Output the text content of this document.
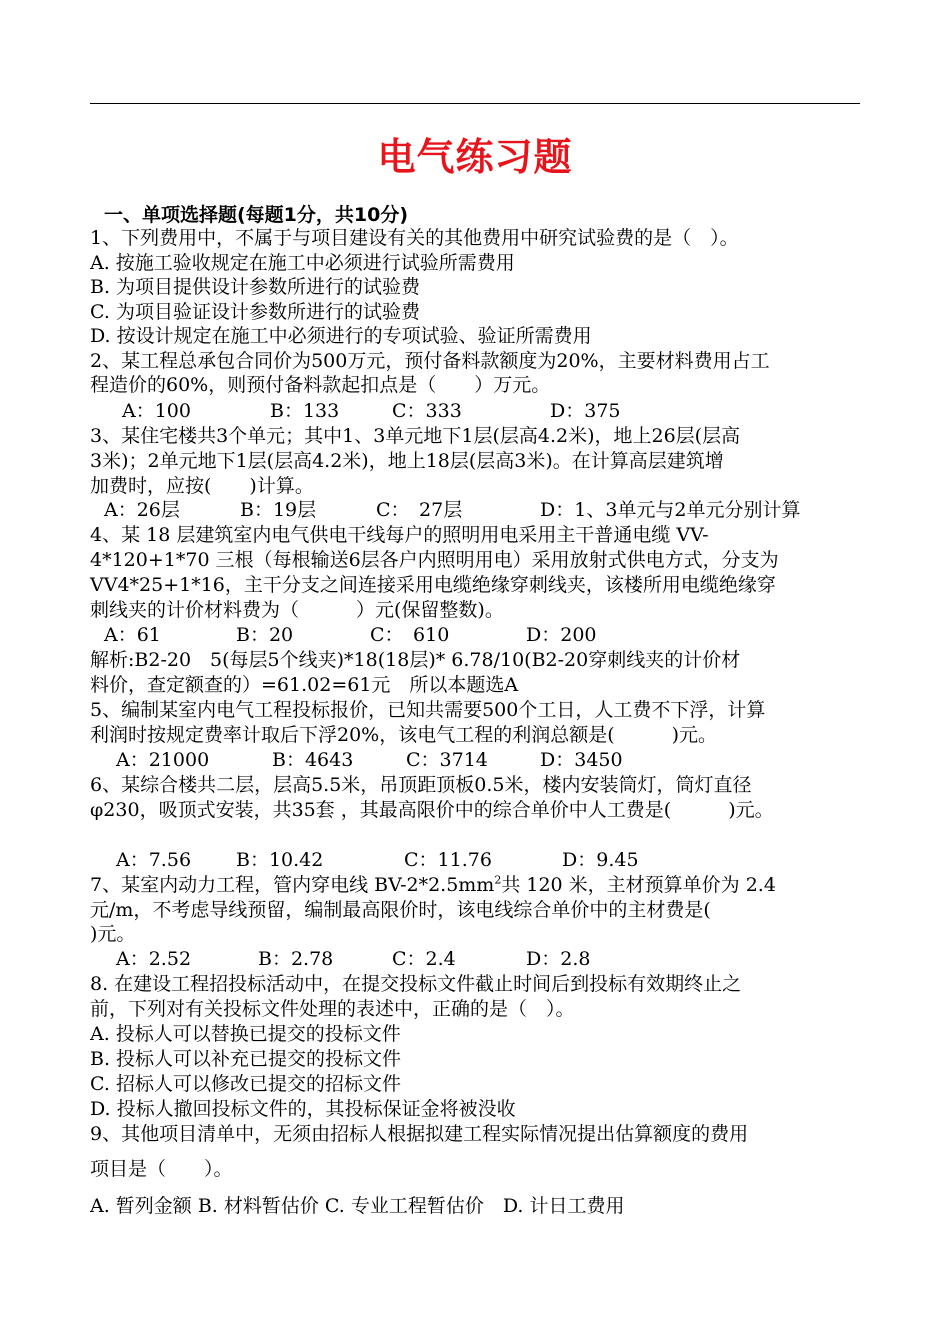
电气练习题
一、单项选择题(每题1分，共10分)
1、下列费用中，不属于与项目建设有关的其他费用中研究试验费的是（　）。
A. 按施工验收规定在施工中必须进行试验所需费用
B. 为项目提供设计参数所进行的试验费
C. 为项目验证设计参数所进行的试验费
D. 按设计规定在施工中必须进行的专项试验、验证所需费用
2、某工程总承包合同价为500万元，预付备料款额度为20%，主要材料费用占工
程造价的60%，则预付备料款起扣点是（　　）万元。
A：100	B：133	C：333	D：375
3、某住宅楼共3个单元；其中1、3单元地下1层(层高4.2米)，地上26层(层高
3米)；2单元地下1层(层高4.2米)，地上18层(层高3米)。在计算高层建筑增
加费时，应按(　　)计算。
A：26层	B：19层	C：　27层	D：1、3单元与2单元分别计算
4、某 18 层建筑室内电气供电干线每户的照明用电采用主干普通电缆 VV-
4*120+1*70 三根（每根输送6层各户内照明用电）采用放射式供电方式，分支为
VV4*25+1*16，主干分支之间连接采用电缆绝缘穿刺线夹，该楼所用电缆绝缘穿
刺线夹的计价材料费为（　　　）元(保留整数)。
A：61	B：20	C：　610	D：200
解析:B2-20　5(每层5个线夹)*18(18层)* 6.78/10(B2-20穿刺线夹的计价材
料价，查定额查的）=61.02=61元　所以本题选A
5、编制某室内电气工程投标报价，已知共需要500个工日，人工费不下浮，计算
利润时按规定费率计取后下浮20%，该电气工程的利润总额是(　　　)元。
A：21000	B：4643	C：3714	D：3450
6、某综合楼共二层，层高5.5米，吊顶距顶板0.5米，楼内安装筒灯，筒灯直径
φ230，吸顶式安装，共35套 ，其最高限价中的综合单价中人工费是(　　　)元。
A：7.56 B：10.42	C：11.76	D：9.45
7、某室内动力工程，管内穿电线 $BV-2*2.5mm^2$共 120 米，主材预算单价为 2.4
元/m，不考虑导线预留，编制最高限价时，该电线综合单价中的主材费是(
)元。
A：2.52	B：2.78	C：2.4	D：2.8
8. 在建设工程招投标活动中，在提交投标文件截止时间后到投标有效期终止之
前，下列对有关投标文件处理的表述中，正确的是（　）。
A. 投标人可以替换已提交的投标文件
B. 投标人可以补充已提交的投标文件
C. 招标人可以修改已提交的招标文件
D. 投标人撤回投标文件的，其投标保证金将被没收
9、其他项目清单中，无须由招标人根据拟建工程实际情况提出估算额度的费用
项目是（　　）。
A. 暂列金额 B. 材料暂估价 C. 专业工程暂估价　D. 计日工费用
